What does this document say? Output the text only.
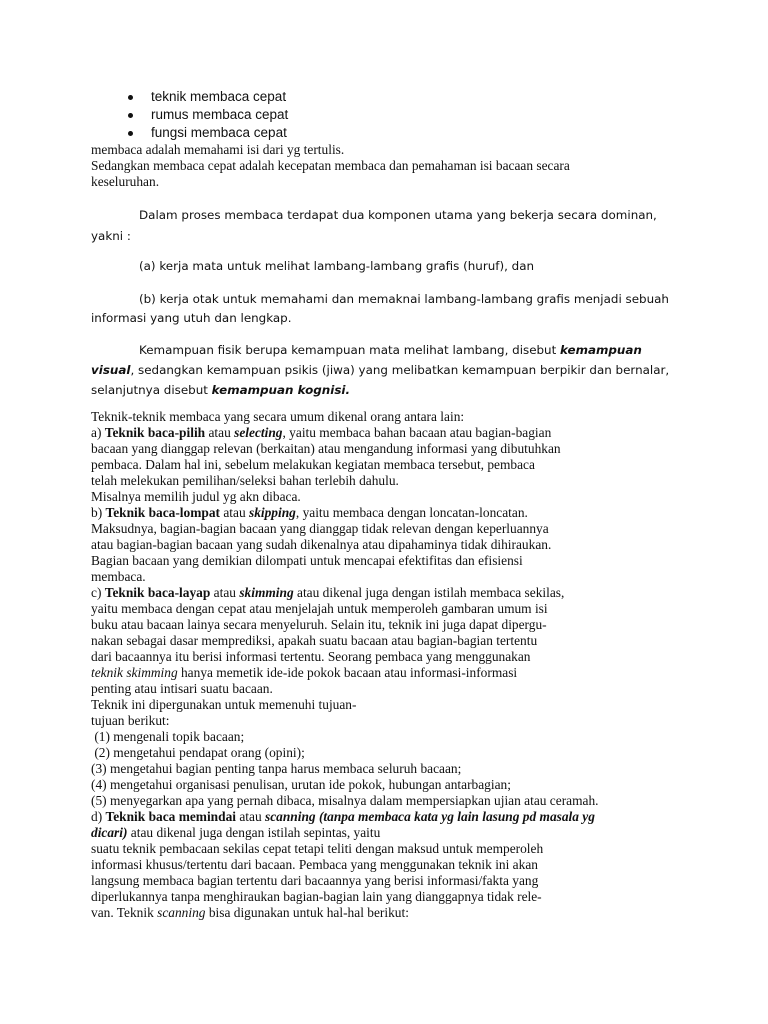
teknik membaca cepat
rumus membaca cepat
fungsi membaca cepat
membaca adalah memahami isi dari yg tertulis.
Sedangkan membaca cepat adalah kecepatan membaca dan pemahaman isi bacaan secara
keseluruhan.
Dalam proses membaca terdapat dua komponen utama yang bekerja secara dominan,
yakni :
(a) kerja mata untuk melihat lambang-lambang grafis (huruf), dan
(b) kerja otak untuk memahami dan memaknai lambang-lambang grafis menjadi sebuah
informasi yang utuh dan lengkap.
Kemampuan fisik berupa kemampuan mata melihat lambang, disebut kemampuan
visual, sedangkan kemampuan psikis (jiwa) yang melibatkan kemampuan berpikir dan bernalar,
selanjutnya disebut kemampuan kognisi.
Teknik-teknik membaca yang secara umum dikenal orang antara lain:
a) Teknik baca-pilih atau selecting, yaitu membaca bahan bacaan atau bagian-bagian
bacaan yang dianggap relevan (berkaitan) atau mengandung informasi yang dibutuhkan
pembaca. Dalam hal ini, sebelum melakukan kegiatan membaca tersebut, pembaca
telah melekukan pemilihan/seleksi bahan terlebih dahulu.
Misalnya memilih judul yg akn dibaca.
b) Teknik baca-lompat atau skipping, yaitu membaca dengan loncatan-loncatan.
Maksudnya, bagian-bagian bacaan yang dianggap tidak relevan dengan keperluannya
atau bagian-bagian bacaan yang sudah dikenalnya atau dipahaminya tidak dihiraukan.
Bagian bacaan yang demikian dilompati untuk mencapai efektifitas dan efisiensi
membaca.
c) Teknik baca-layap atau skimming atau dikenal juga dengan istilah membaca sekilas,
yaitu membaca dengan cepat atau menjelajah untuk memperoleh gambaran umum isi
buku atau bacaan lainya secara menyeluruh. Selain itu, teknik ini juga dapat dipergu-
nakan sebagai dasar memprediksi, apakah suatu bacaan atau bagian-bagian tertentu
dari bacaannya itu berisi informasi tertentu. Seorang pembaca yang menggunakan
teknik skimming hanya memetik ide-ide pokok bacaan atau informasi-informasi
penting atau intisari suatu bacaan.
Teknik ini dipergunakan untuk memenuhi tujuan-
tujuan berikut:
(1) mengenali topik bacaan;
(2) mengetahui pendapat orang (opini);
(3) mengetahui bagian penting tanpa harus membaca seluruh bacaan;
(4) mengetahui organisasi penulisan, urutan ide pokok, hubungan antarbagian;
(5) menyegarkan apa yang pernah dibaca, misalnya dalam mempersiapkan ujian atau ceramah.
d) Teknik baca memindai atau scanning (tanpa membaca kata yg lain lasung pd masala yg
dicari) atau dikenal juga dengan istilah sepintas, yaitu
suatu teknik pembacaan sekilas cepat tetapi teliti dengan maksud untuk memperoleh
informasi khusus/tertentu dari bacaan. Pembaca yang menggunakan teknik ini akan
langsung membaca bagian tertentu dari bacaannya yang berisi informasi/fakta yang
diperlukannya tanpa menghiraukan bagian-bagian lain yang dianggapnya tidak rele-
van. Teknik scanning bisa digunakan untuk hal-hal berikut:
